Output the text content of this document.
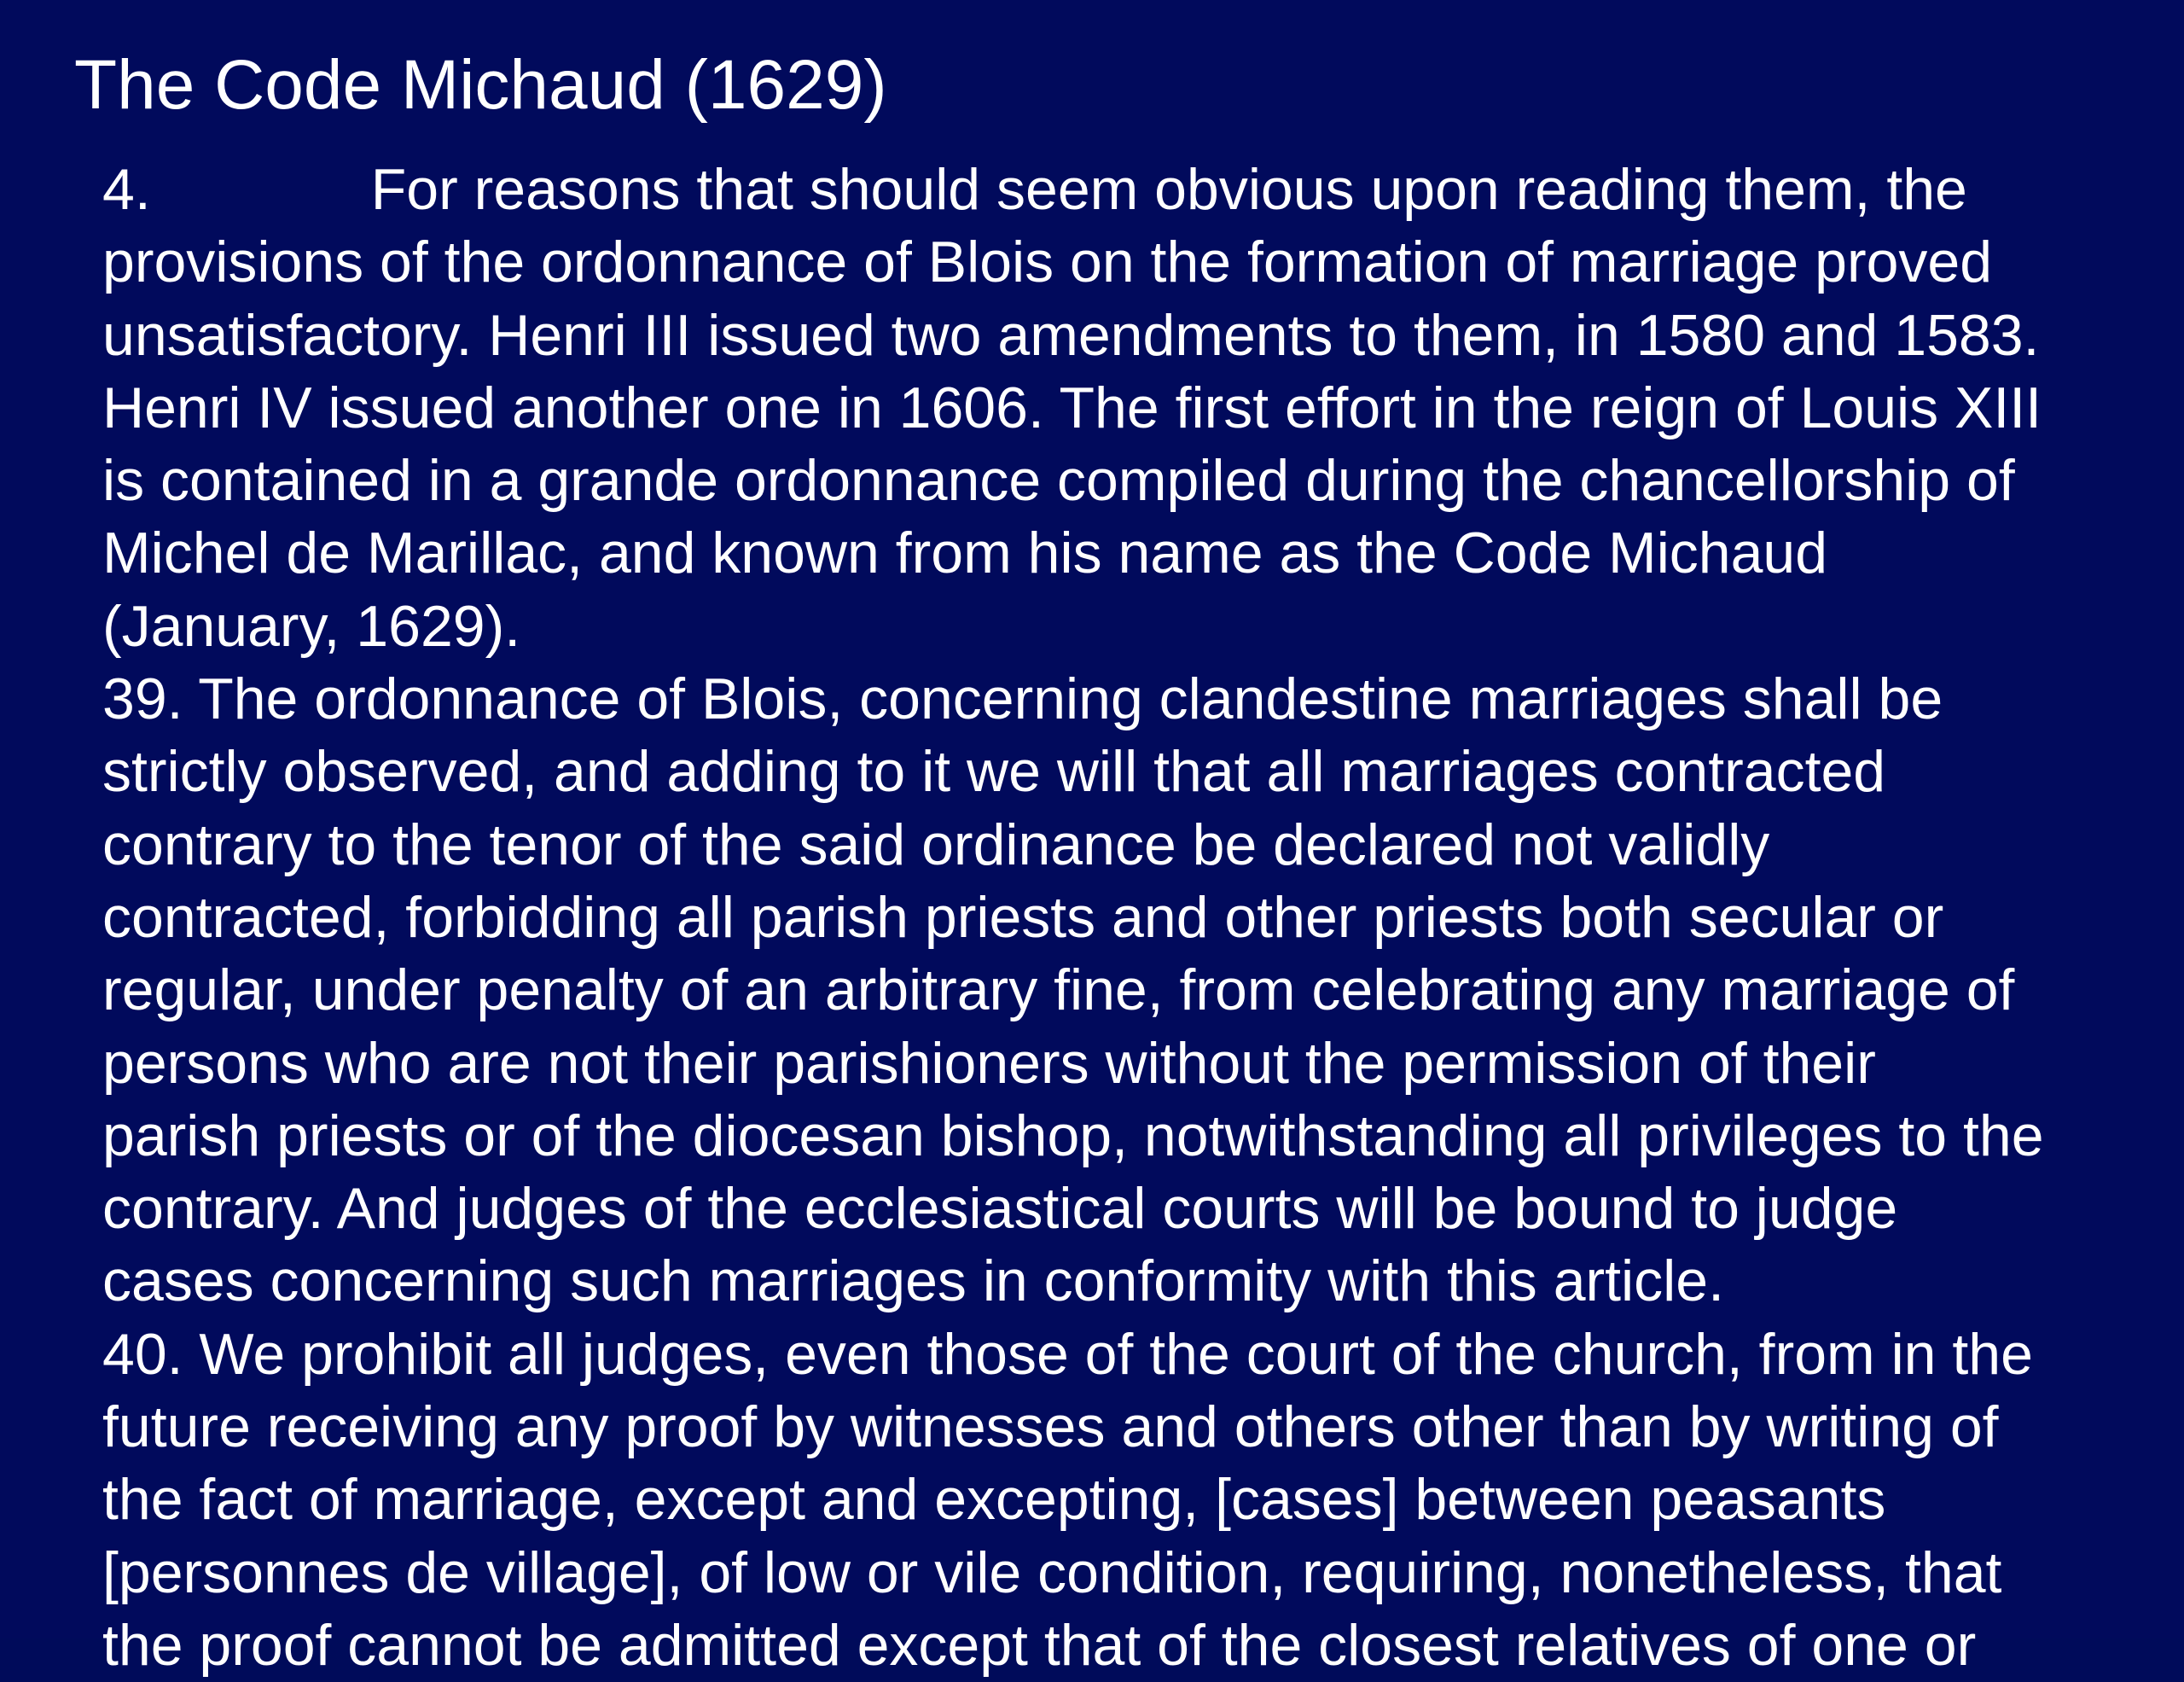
The Code Michaud (1629)
4.	For reasons that should seem obvious upon reading them, the
provisions of the ordonnance of Blois on the formation of marriage proved
unsatisfactory. Henri III issued two amendments to them, in 1580 and 1583.
Henri IV issued another one in 1606. The first effort in the reign of Louis XIII
is contained in a grande ordonnance compiled during the chancellorship of
Michel de Marillac, and known from his name as the Code Michaud
(January, 1629).
39. The ordonnance of Blois, concerning clandestine marriages shall be
strictly observed, and adding to it we will that all marriages contracted
contrary to the tenor of the said ordinance be declared not validly
contracted, forbidding all parish priests and other priests both secular or
regular, under penalty of an arbitrary fine, from celebrating any marriage of
persons who are not their parishioners without the permission of their
parish priests or of the diocesan bishop, notwithstanding all privileges to the
contrary. And judges of the ecclesiastical courts will be bound to judge
cases concerning such marriages in conformity with this article.
40. We prohibit all judges, even those of the court of the church, from in the
future receiving any proof by witnesses and others other than by writing of
the fact of marriage, except and excepting, [cases] between peasants
[personnes de village], of low or vile condition, requiring, nonetheless, that
the proof cannot be admitted except that of the closest relatives of one or
